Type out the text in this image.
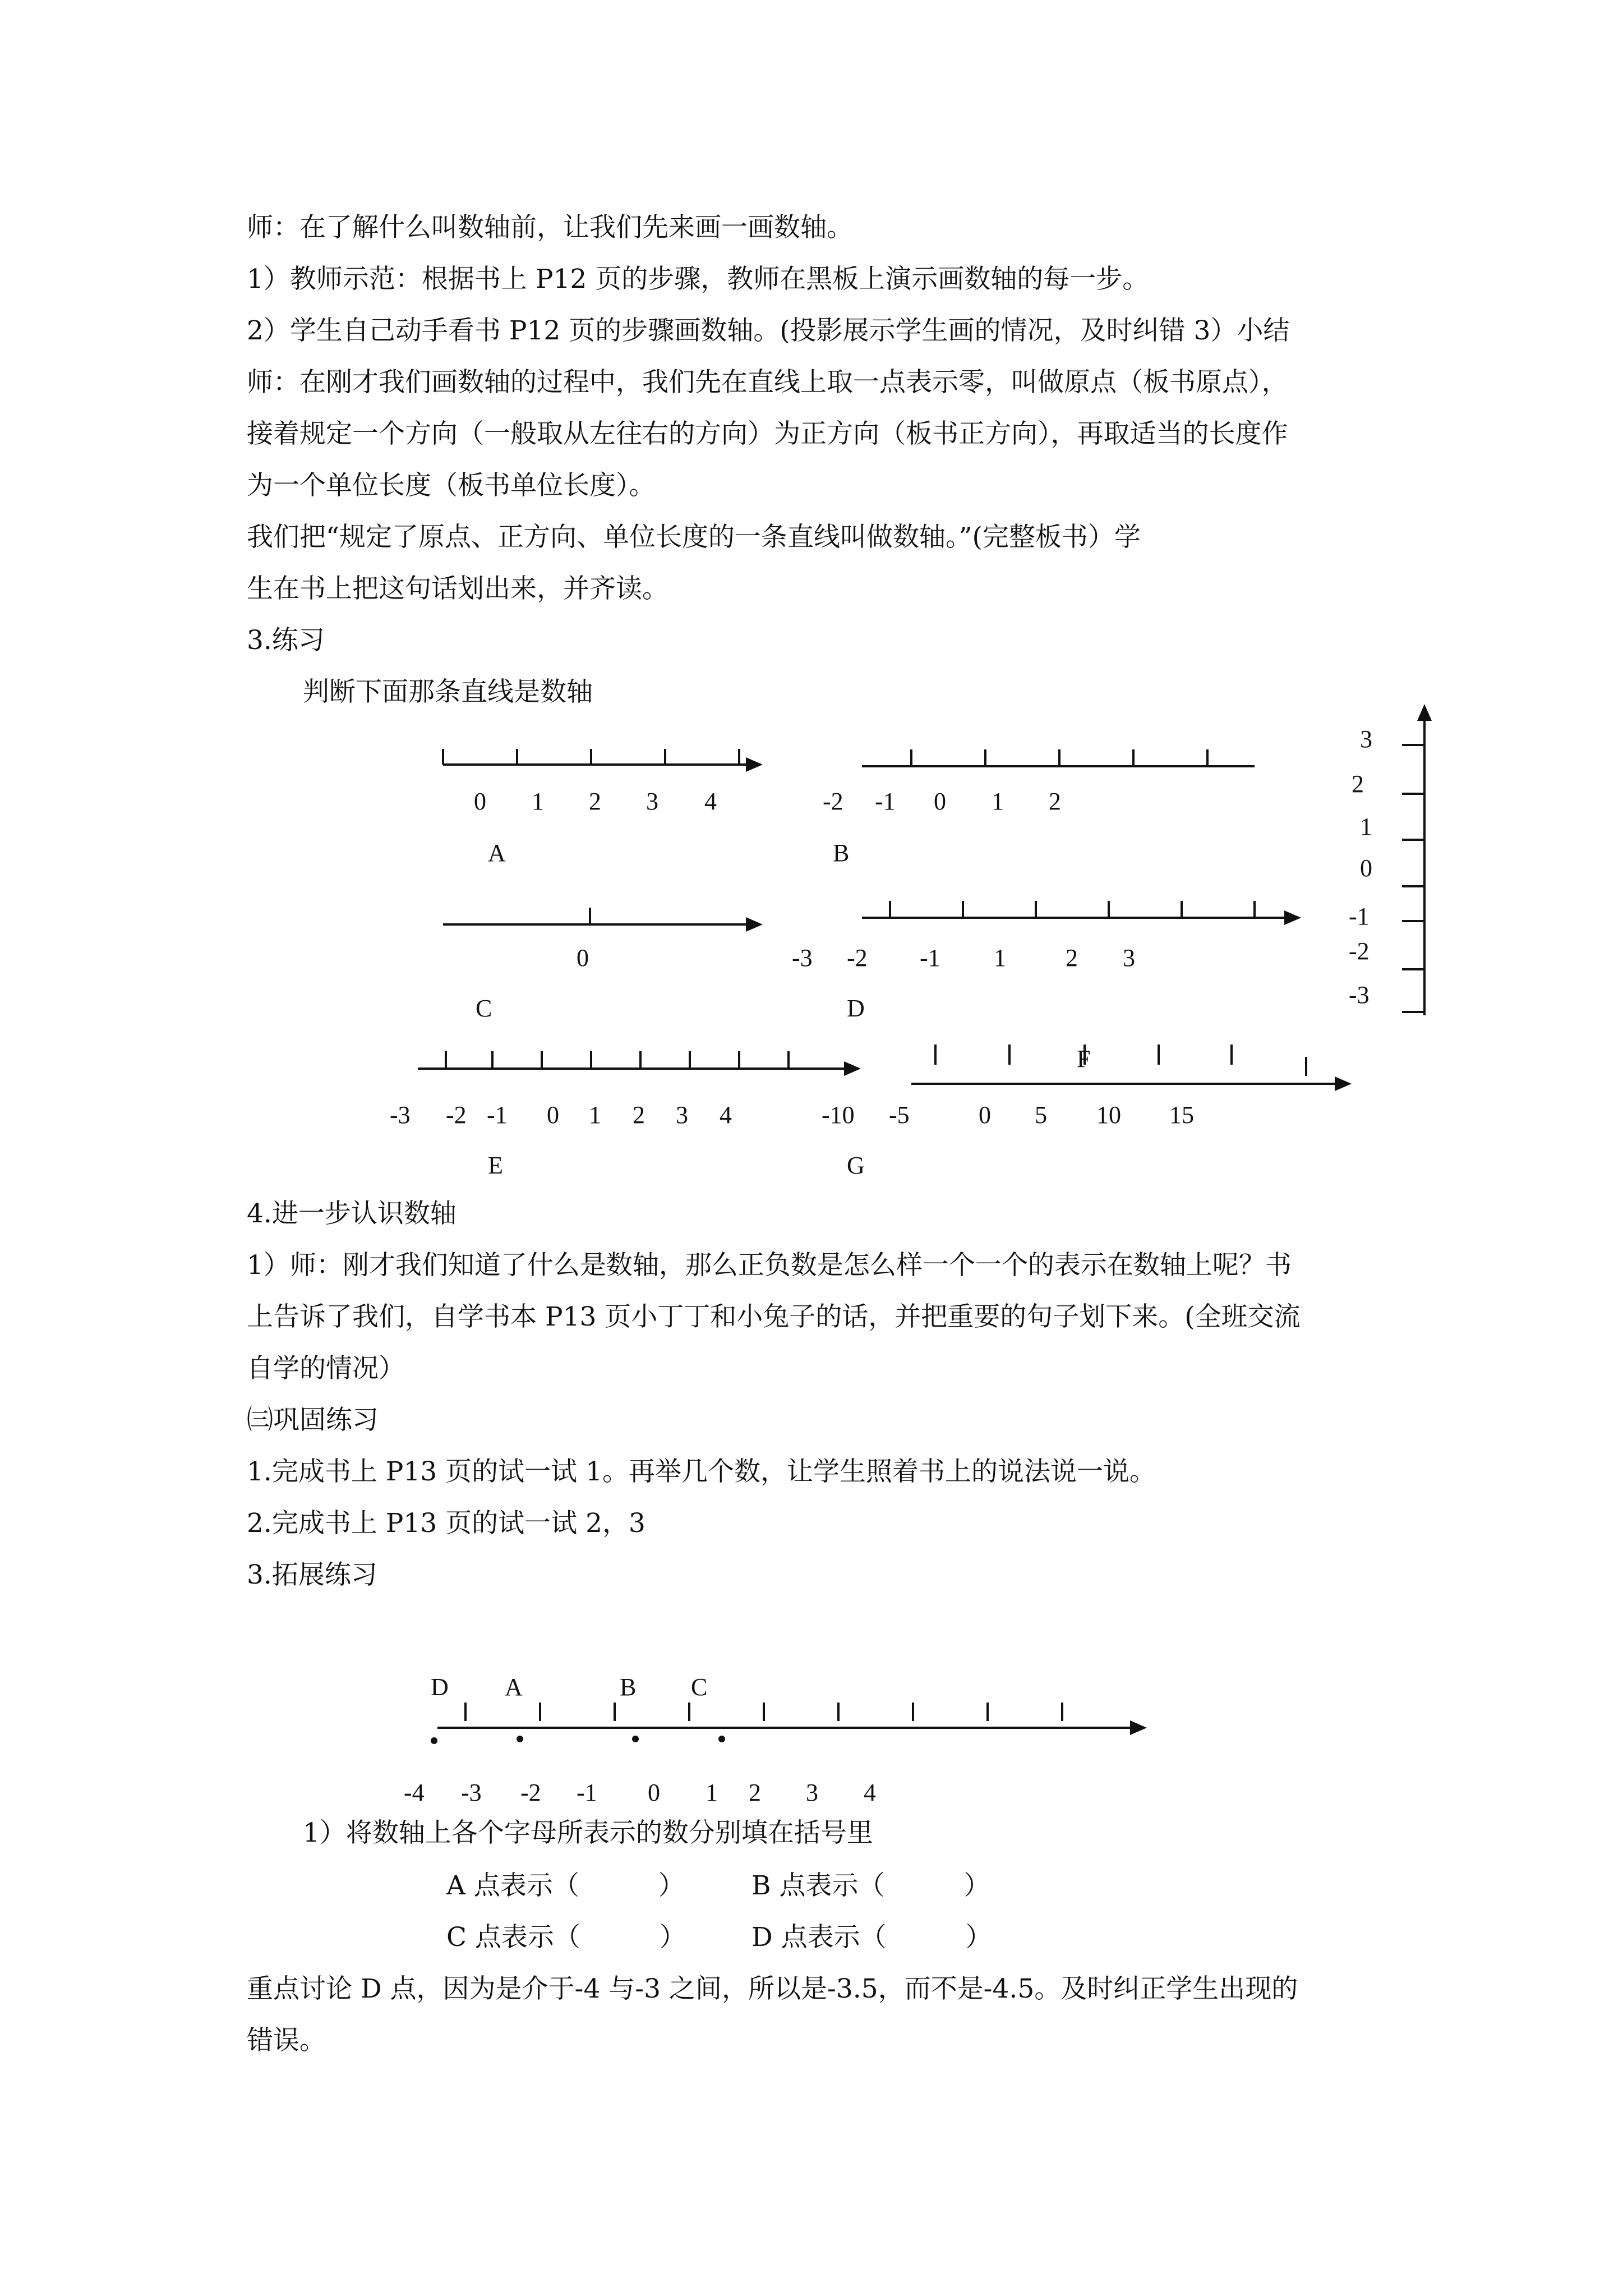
师：在了解什么叫数轴前，让我们先来画一画数轴。
1）教师示范：根据书上 P12 页的步骤，教师在黑板上演示画数轴的每一步。
2）学生自己动手看书 P12 页的步骤画数轴。(投影展示学生画的情况，及时纠错 3）小结
师：在刚才我们画数轴的过程中，我们先在直线上取一点表示零，叫做原点（板书原点），
接着规定一个方向（一般取从左往右的方向）为正方向（板书正方向），再取适当的长度作
为一个单位长度（板书单位长度）。
我们把“规定了原点、正方向、单位长度的一条直线叫做数轴。”(完整板书）学
生在书上把这句话划出来，并齐读。
3.练习
判断下面那条直线是数轴
4.进一步认识数轴
1）师：刚才我们知道了什么是数轴，那么正负数是怎么样一个一个的表示在数轴上呢？书
上告诉了我们，自学书本 P13 页小丁丁和小兔子的话，并把重要的句子划下来。(全班交流
自学的情况）
㈢巩固练习
1.完成书上 P13 页的试一试 1。再举几个数，让学生照着书上的说法说一说。
2.完成书上 P13 页的试一试 2，3
3.拓展练习
1）将数轴上各个字母所表示的数分别填在括号里
A 点表示（　　　）	B 点表示（　　　）
C 点表示（　　　） D 点表示（　　　）
重点讨论 D 点，因为是介于-4 与-3 之间，所以是-3.5，而不是-4.5。及时纠正学生出现的
错误。
0 1 2 3 4
A
-2 -1 0 1 2
B
0
C
-3 -2 -1 1 2 3
D
3
2
1
0
-1
-2
-3
-3 -2 -1 0 1 2 3 4
E
F
-10 -5	0 5 10 15
G
D A	B C
-4 -3 -2 -1 0 1 2 3 4
